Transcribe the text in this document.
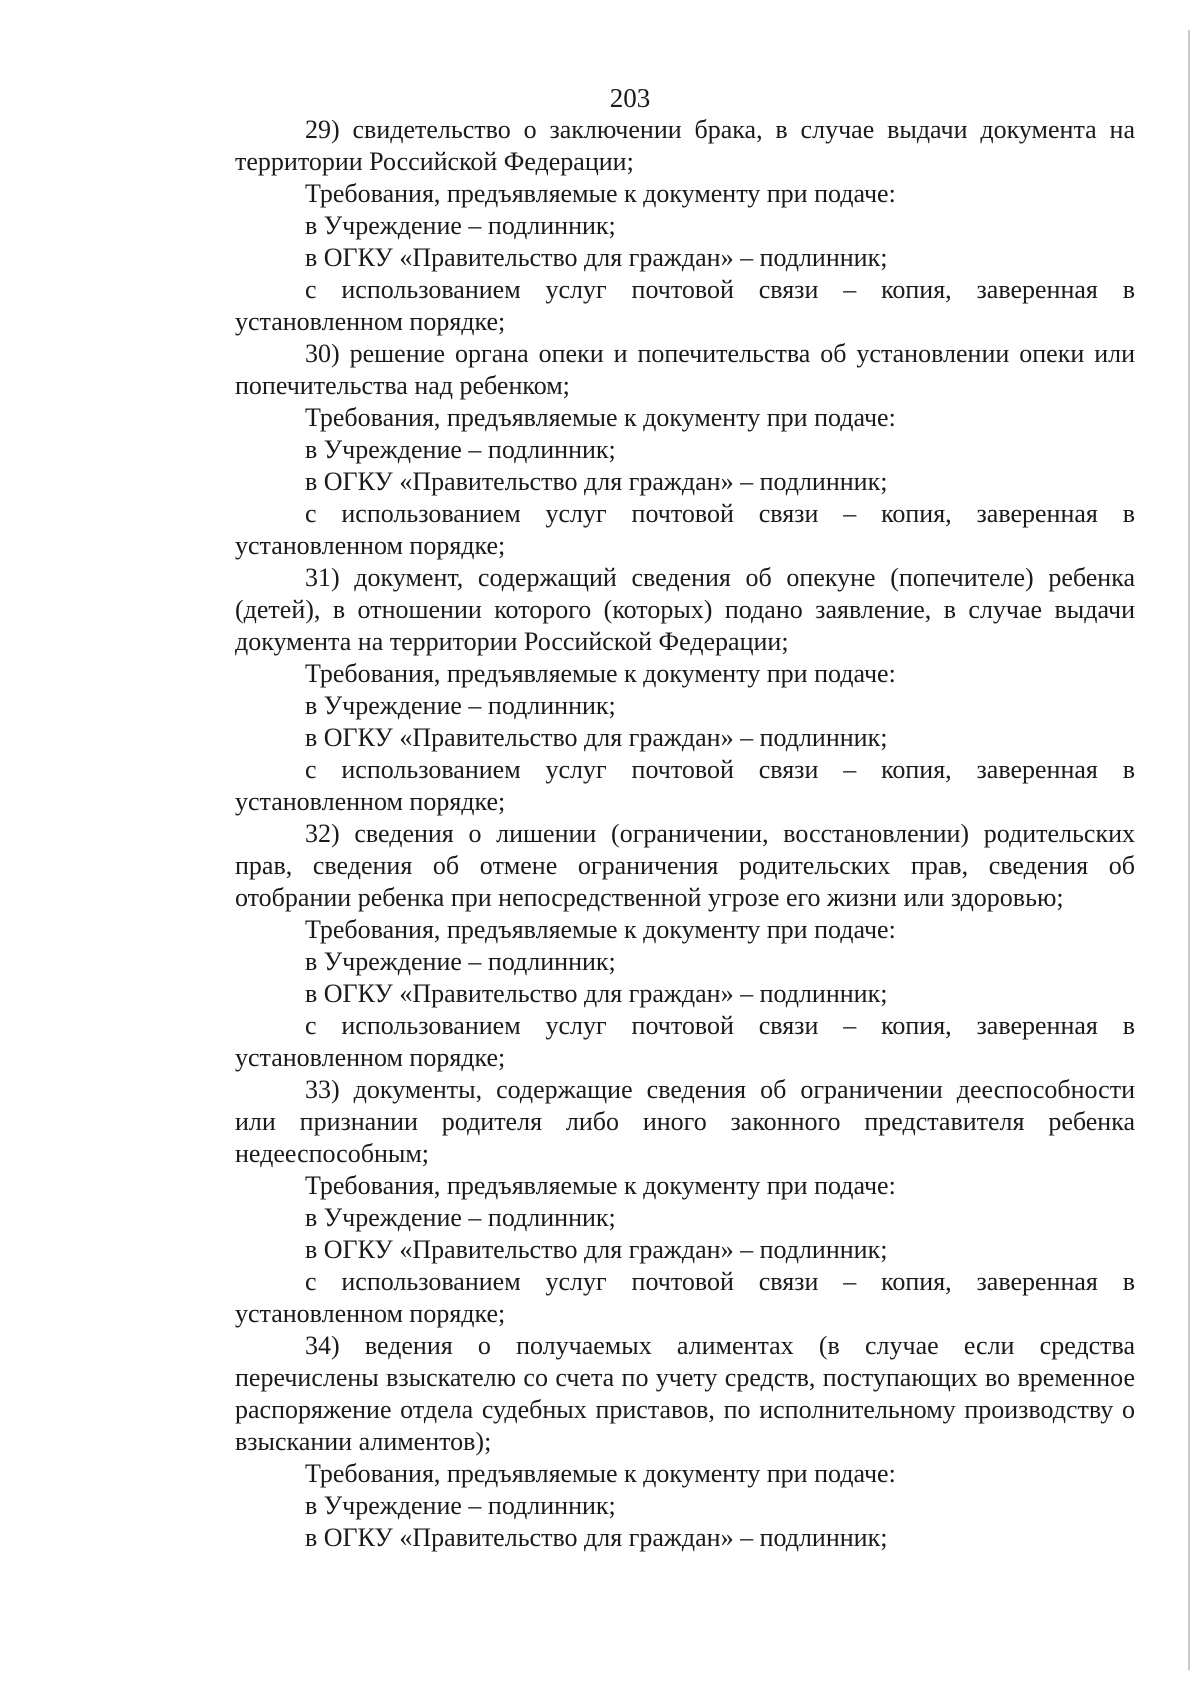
203

29) свидетельство о заключении брака, в случае выдачи документа на территории Российской Федерации;

Требования, предъявляемые к документу при подаче:

в Учреждение – подлинник;

в ОГКУ «Правительство для граждан» – подлинник;

с использованием услуг почтовой связи – копия, заверенная в установленном порядке;

30) решение органа опеки и попечительства об установлении опеки или попечительства над ребенком;

Требования, предъявляемые к документу при подаче:

в Учреждение – подлинник;

в ОГКУ «Правительство для граждан» – подлинник;

с использованием услуг почтовой связи – копия, заверенная в установленном порядке;

31) документ, содержащий сведения об опекуне (попечителе) ребенка (детей), в отношении которого (которых) подано заявление, в случае выдачи документа на территории Российской Федерации;

Требования, предъявляемые к документу при подаче:

в Учреждение – подлинник;

в ОГКУ «Правительство для граждан» – подлинник;

с использованием услуг почтовой связи – копия, заверенная в установленном порядке;

32) сведения о лишении (ограничении, восстановлении) родительских прав, сведения об отмене ограничения родительских прав, сведения об отобрании ребенка при непосредственной угрозе его жизни или здоровью;

Требования, предъявляемые к документу при подаче:

в Учреждение – подлинник;

в ОГКУ «Правительство для граждан» – подлинник;

с использованием услуг почтовой связи – копия, заверенная в установленном порядке;

33) документы, содержащие сведения об ограничении дееспособности или признании родителя либо иного законного представителя ребенка недееспособным;

Требования, предъявляемые к документу при подаче:

в Учреждение – подлинник;

в ОГКУ «Правительство для граждан» – подлинник;

с использованием услуг почтовой связи – копия, заверенная в установленном порядке;

34) ведения о получаемых алиментах (в случае если средства перечислены взыскателю со счета по учету средств, поступающих во временное распоряжение отдела судебных приставов, по исполнительному производству о взыскании алиментов);

Требования, предъявляемые к документу при подаче:

в Учреждение – подлинник;

в ОГКУ «Правительство для граждан» – подлинник;
